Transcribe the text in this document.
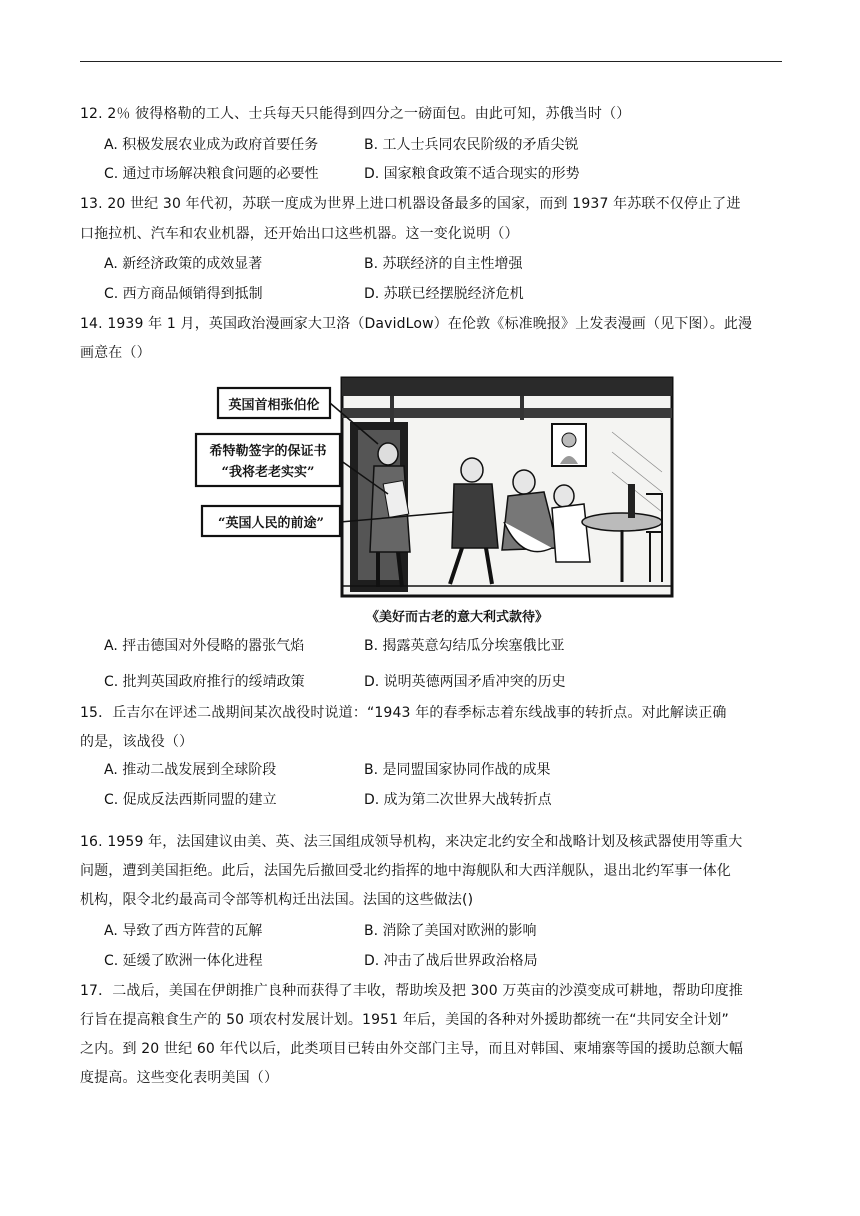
12. 2％ 彼得格勒的工人、士兵每天只能得到四分之一磅面包。由此可知，苏俄当时（）
A. 积极发展农业成为政府首要任务	B. 工人士兵同农民阶级的矛盾尖锐
C. 通过市场解决粮食问题的必要性	D. 国家粮食政策不适合现实的形势
13. 20 世纪 30 年代初，苏联一度成为世界上进口机器设备最多的国家，而到 1937 年苏联不仅停止了进
口拖拉机、汽车和农业机器，还开始出口这些机器。这一变化说明（）
A. 新经济政策的成效显著	B. 苏联经济的自主性增强
C. 西方商品倾销得到抵制	D. 苏联已经摆脱经济危机
14. 1939 年 1 月，英国政治漫画家大卫洛（DavidLow）在伦敦《标准晚报》上发表漫画（见下图）。此漫
画意在（）
英国首相张伯伦
希特勒签字的保证书
“我将老老实实”
“英国人民的前途”
《美好而古老的意大利式款待》
A. 抨击德国对外侵略的嚣张气焰	B. 揭露英意勾结瓜分埃塞俄比亚
C. 批判英国政府推行的绥靖政策	D. 说明英德两国矛盾冲突的历史
15．丘吉尔在评述二战期间某次战役时说道：“1943 年的春季标志着东线战事的转折点。对此解读正确
的是，该战役（）
A. 推动二战发展到全球阶段	B. 是同盟国家协同作战的成果
C. 促成反法西斯同盟的建立	D. 成为第二次世界大战转折点
16. 1959 年，法国建议由美、英、法三国组成领导机构，来决定北约安全和战略计划及核武器使用等重大
问题，遭到美国拒绝。此后，法国先后撤回受北约指挥的地中海舰队和大西洋舰队，退出北约军事一体化
机构，限令北约最高司令部等机构迁出法国。法国的这些做法()
A. 导致了西方阵营的瓦解	B. 消除了美国对欧洲的影响
C. 延缓了欧洲一体化进程	D. 冲击了战后世界政治格局
17．二战后，美国在伊朗推广良种而获得了丰收，帮助埃及把 300 万英亩的沙漠变成可耕地，帮助印度推
行旨在提高粮食生产的 50 项农村发展计划。1951 年后，美国的各种对外援助都统一在“共同安全计划”
之内。到 20 世纪 60 年代以后，此类项目已转由外交部门主导，而且对韩国、柬埔寨等国的援助总额大幅
度提高。这些变化表明美国（）
